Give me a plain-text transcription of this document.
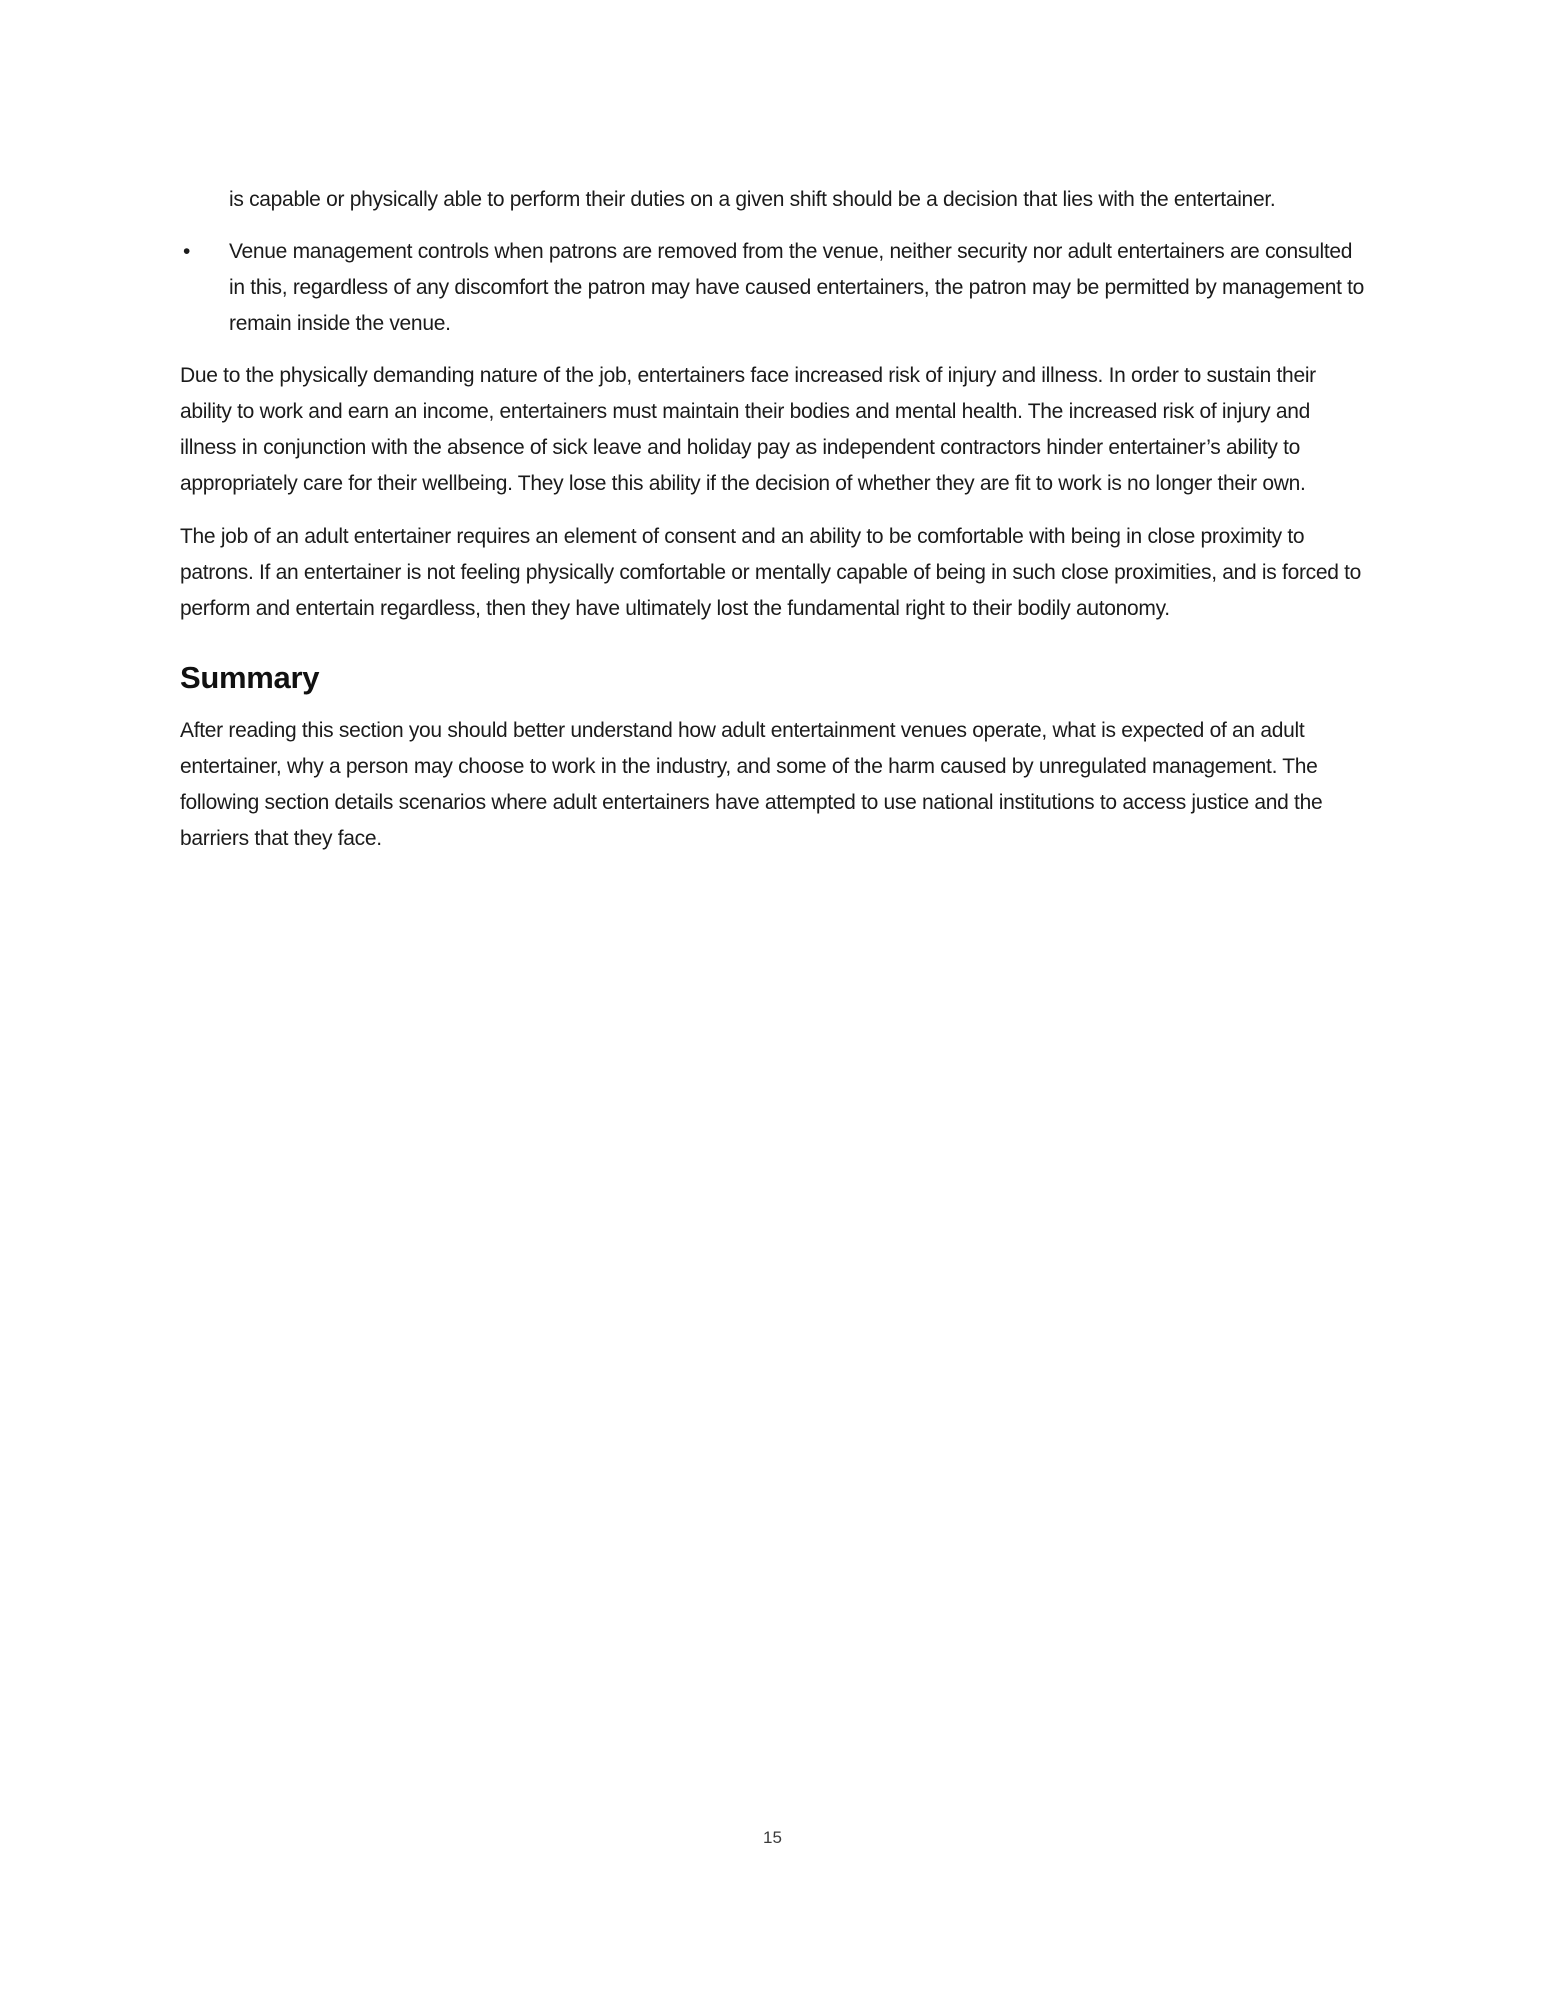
is capable or physically able to perform their duties on a given shift should be a decision that lies with the entertainer.
• Venue management controls when patrons are removed from the venue, neither security nor adult entertainers are consulted in this, regardless of any discomfort the patron may have caused entertainers, the patron may be permitted by management to remain inside the venue.

Due to the physically demanding nature of the job, entertainers face increased risk of injury and illness. In order to sustain their ability to work and earn an income, entertainers must maintain their bodies and mental health. The increased risk of injury and illness in conjunction with the absence of sick leave and holiday pay as independent contractors hinder entertainer’s ability to appropriately care for their wellbeing. They lose this ability if the decision of whether they are fit to work is no longer their own.

The job of an adult entertainer requires an element of consent and an ability to be comfortable with being in close proximity to patrons. If an entertainer is not feeling physically comfortable or mentally capable of being in such close proximities, and is forced to perform and entertain regardless, then they have ultimately lost the fundamental right to their bodily autonomy.

Summary

After reading this section you should better understand how adult entertainment venues operate, what is expected of an adult entertainer, why a person may choose to work in the industry, and some of the harm caused by unregulated management. The following section details scenarios where adult entertainers have attempted to use national institutions to access justice and the barriers that they face.

15
